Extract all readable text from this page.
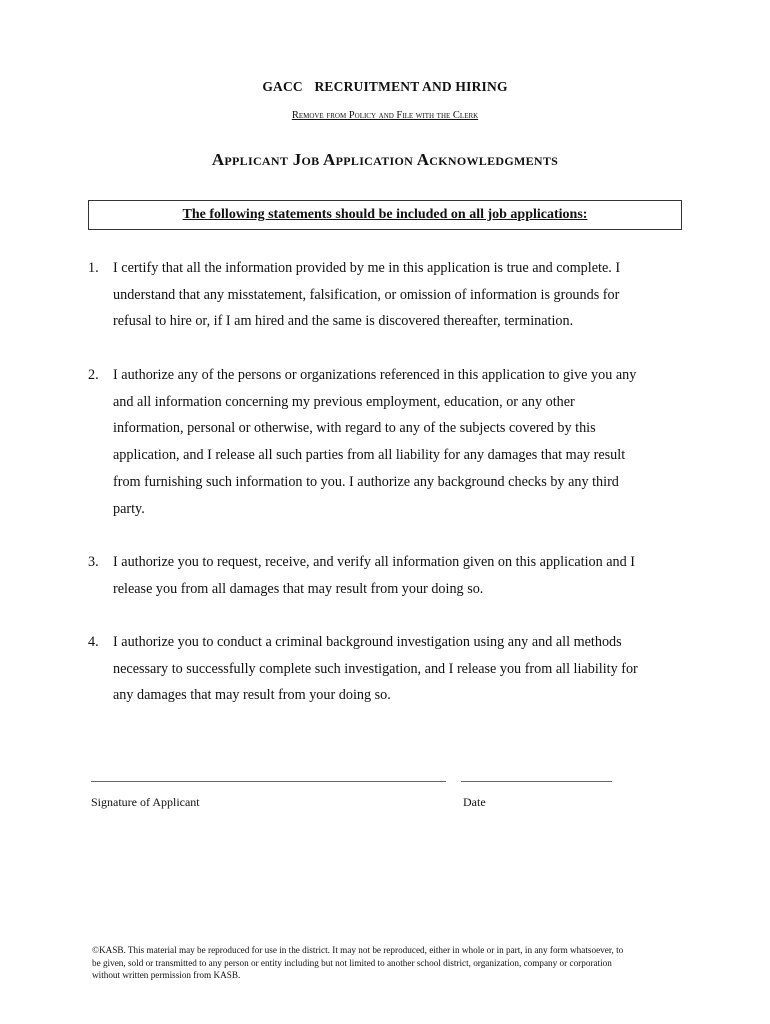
GACC RECRUITMENT AND HIRING
Remove from Policy and File with the Clerk
Applicant Job Application Acknowledgments
The following statements should be included on all job applications:
1.	I certify that all the information provided by me in this application is true and complete. I
understand that any misstatement, falsification, or omission of information is grounds for
refusal to hire or, if I am hired and the same is discovered thereafter, termination.
2.	I authorize any of the persons or organizations referenced in this application to give you any
and all information concerning my previous employment, education, or any other
information, personal or otherwise, with regard to any of the subjects covered by this
application, and I release all such parties from all liability for any damages that may result
from furnishing such information to you. I authorize any background checks by any third
party.
3.	I authorize you to request, receive, and verify all information given on this application and I
release you from all damages that may result from your doing so.
4.	I authorize you to conduct a criminal background investigation using any and all methods
necessary to successfully complete such investigation, and I release you from all liability for
any damages that may result from your doing so.
Signature of Applicant	Date
©KASB. This material may be reproduced for use in the district. It may not be reproduced, either in whole or in part, in any form whatsoever, to
be given, sold or transmitted to any person or entity including but not limited to another school district, organization, company or corporation
without written permission from KASB.
